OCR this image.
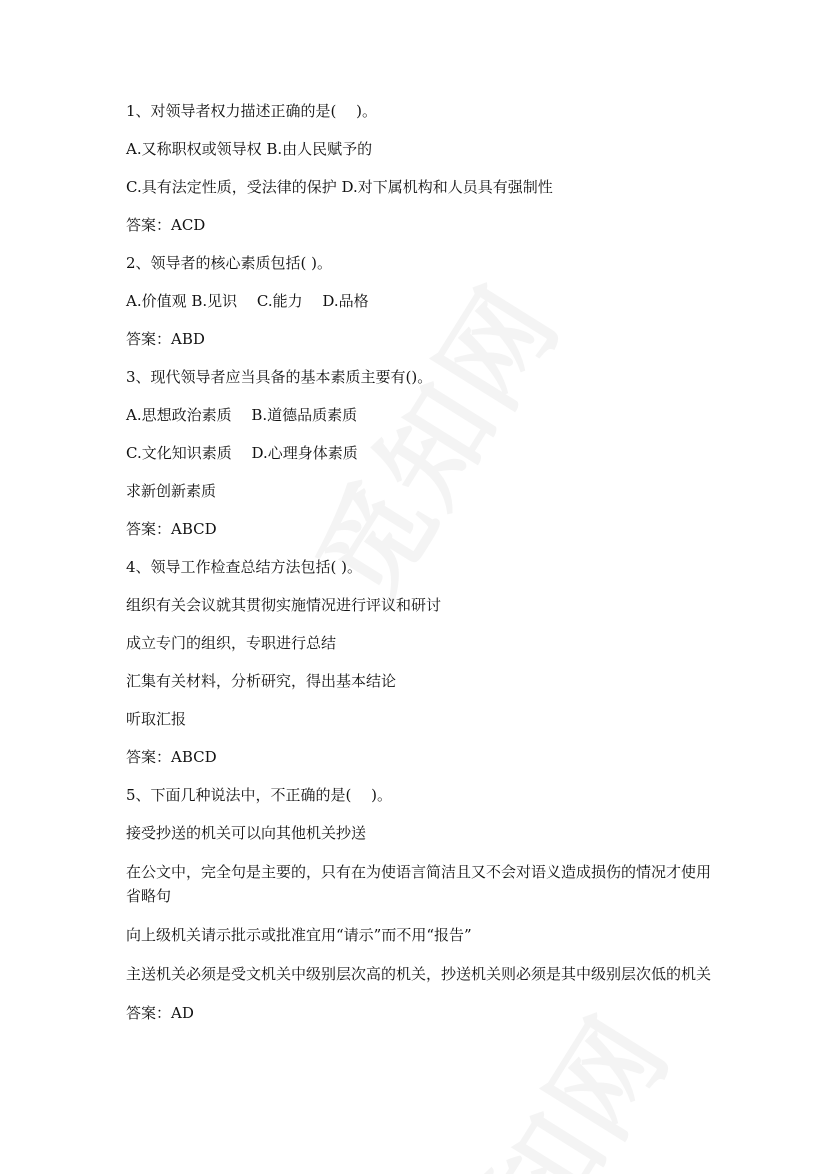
1、对领导者权力描述正确的是(　 )。

A.又称职权或领导权 B.由人民赋予的

C.具有法定性质，受法律的保护 D.对下属机构和人员具有强制性

答案：ACD

2、领导者的核心素质包括( )。

A.价值观 B.见识　 C.能力　 D.品格

答案：ABD

3、现代领导者应当具备的基本素质主要有()。

A.思想政治素质　 B.道德品质素质

C.文化知识素质　 D.心理身体素质

求新创新素质

答案：ABCD

4、领导工作检查总结方法包括( )。

组织有关会议就其贯彻实施情况进行评议和研讨

成立专门的组织，专职进行总结

汇集有关材料，分析研究，得出基本结论

听取汇报

答案：ABCD

5、下面几种说法中，不正确的是(　 )。

接受抄送的机关可以向其他机关抄送

在公文中，完全句是主要的，只有在为使语言简洁且又不会对语义造成损伤的情况才使用省略句

向上级机关请示批示或批准宜用“请示”而不用“报告”

主送机关必须是受文机关中级别层次高的机关，抄送机关则必须是其中级别层次低的机关

答案：AD
